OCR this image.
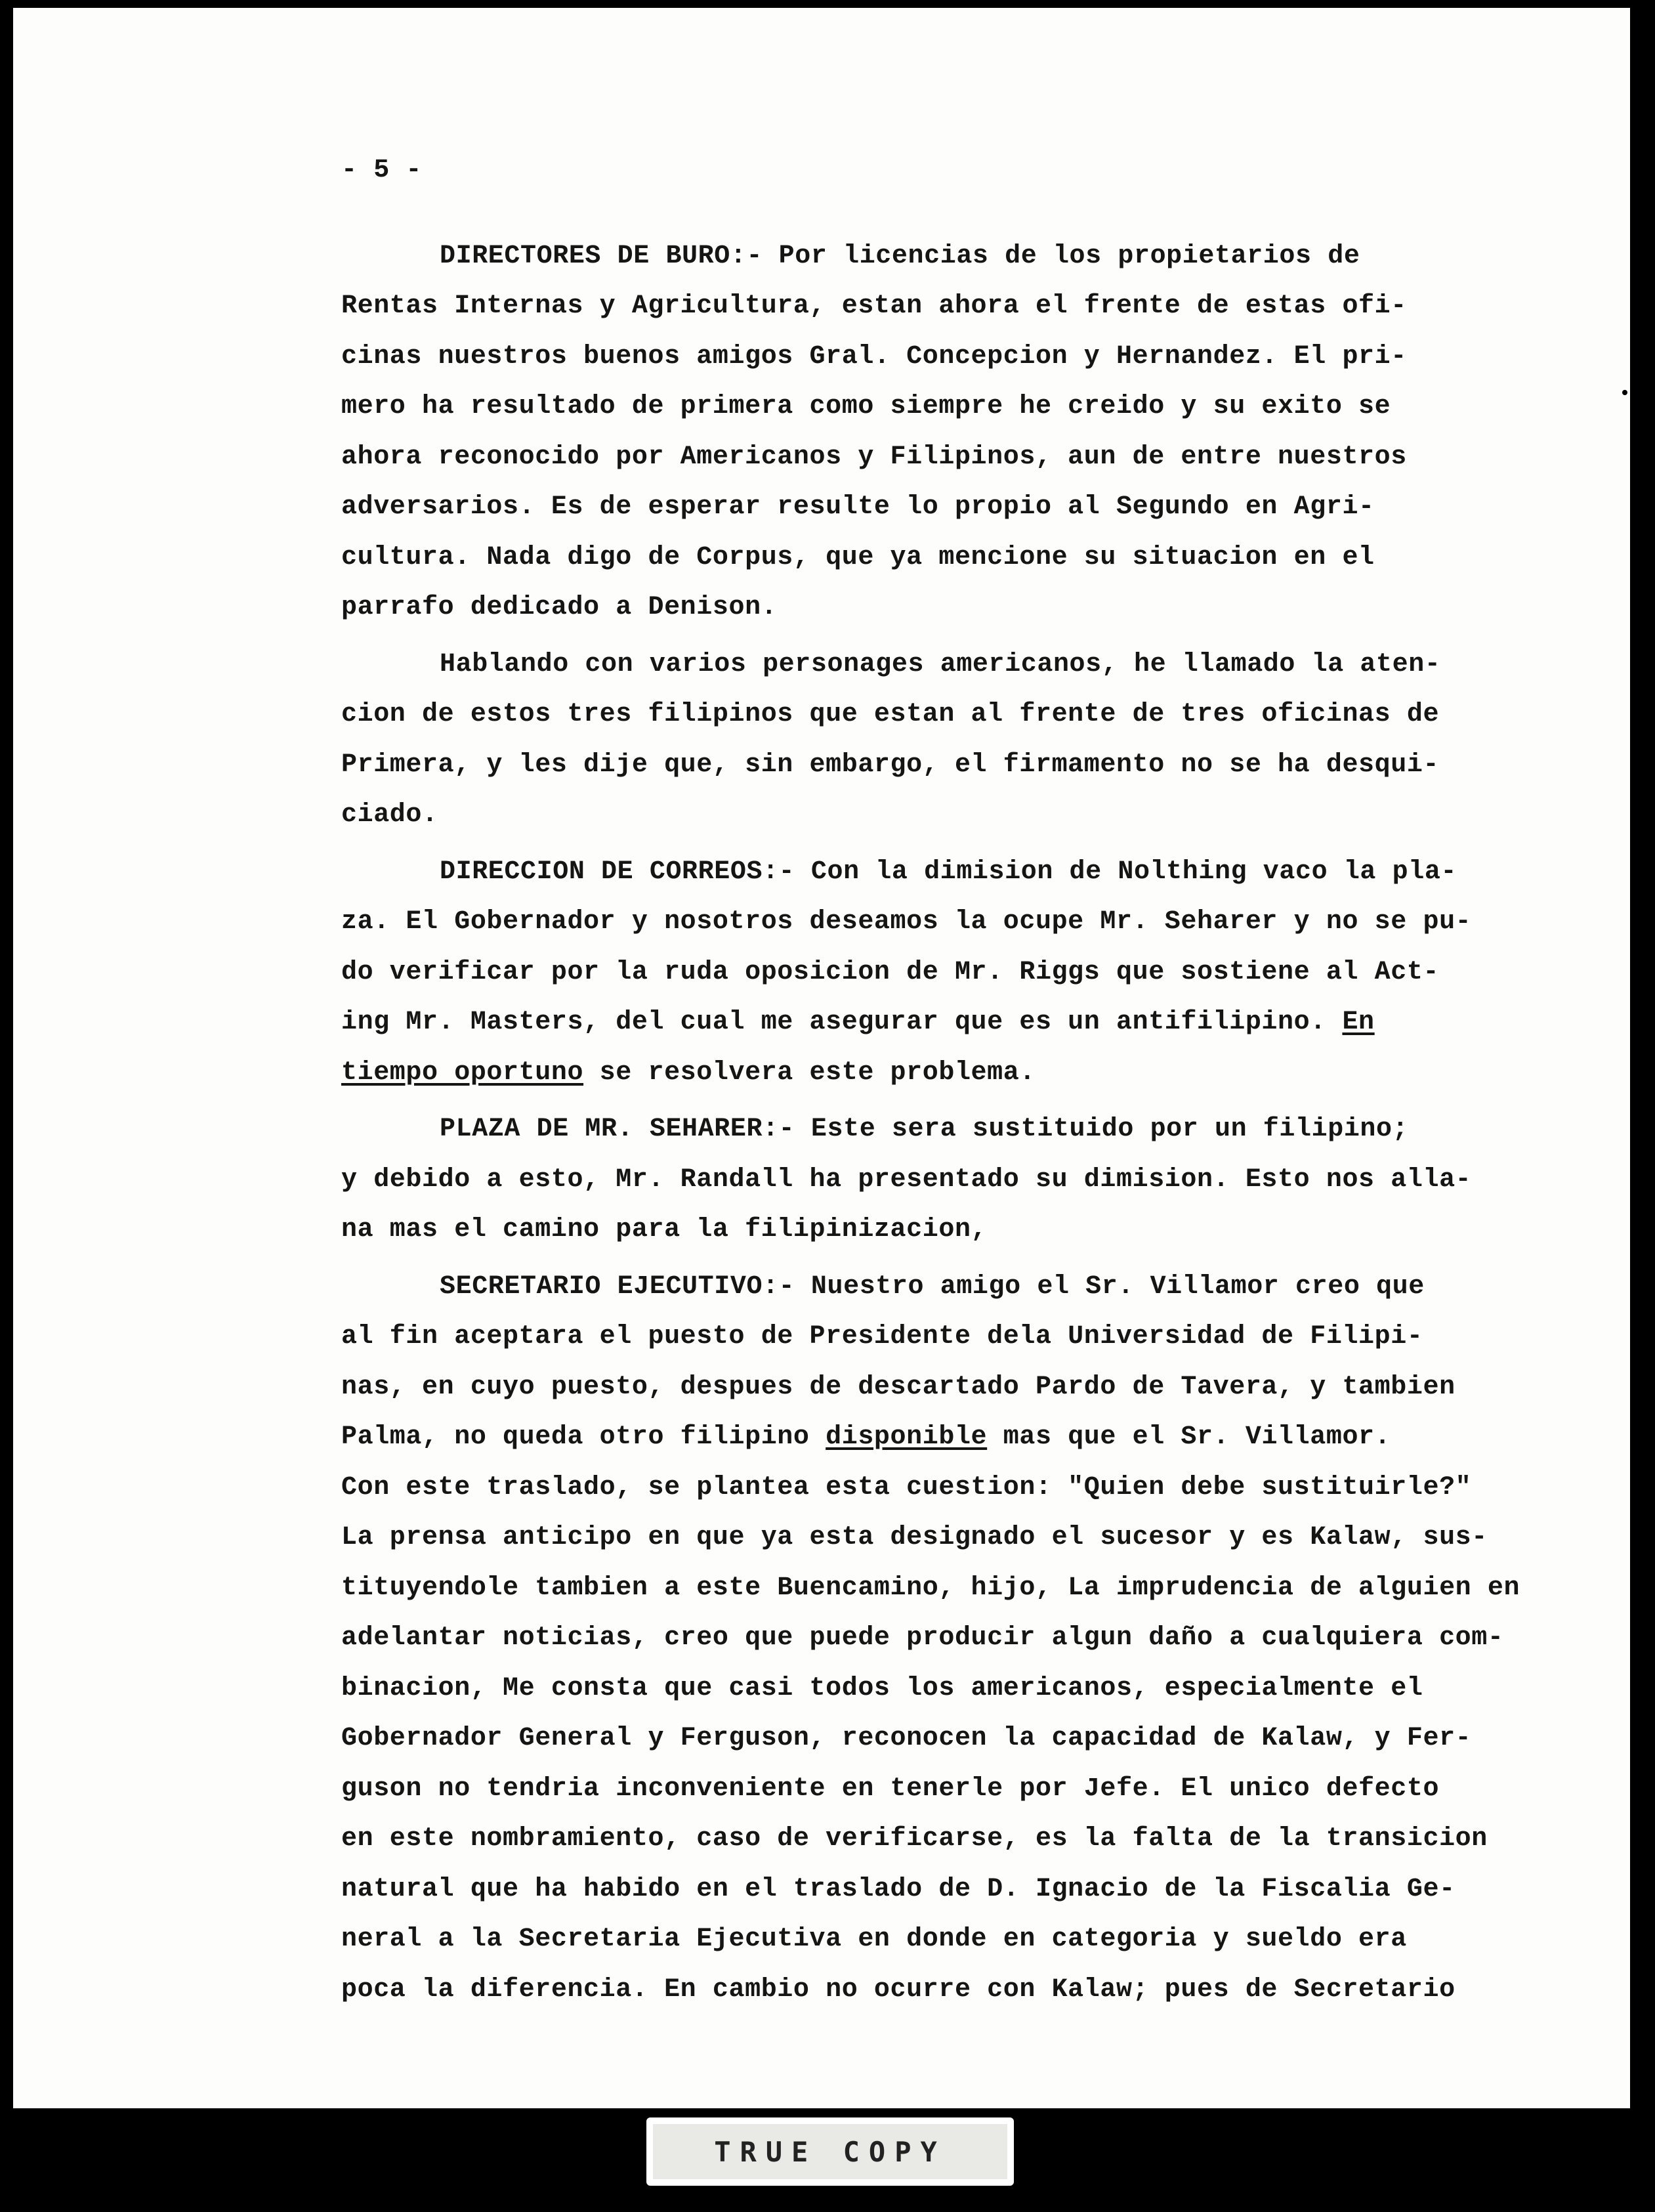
- 5 -
DIRECTORES DE BURO:- Por licencias de los propietarios de
Rentas Internas y Agricultura, estan ahora el frente de estas ofi-
cinas nuestros buenos amigos Gral. Concepcion y Hernandez. El pri-
mero ha resultado de primera como siempre he creido y su exito se
ahora reconocido por Americanos y Filipinos, aun de entre nuestros
adversarios. Es de esperar resulte lo propio al Segundo en Agri-
cultura. Nada digo de Corpus, que ya mencione su situacion en el
parrafo dedicado a Denison.
Hablando con varios personages americanos, he llamado la aten-
cion de estos tres filipinos que estan al frente de tres oficinas de
Primera, y les dije que, sin embargo, el firmamento no se ha desqui-
ciado.
DIRECCION DE CORREOS:- Con la dimision de Nolthing vaco la pla-
za. El Gobernador y nosotros deseamos la ocupe Mr. Seharer y no se pu-
do verificar por la ruda oposicion de Mr. Riggs que sostiene al Act-
ing Mr. Masters, del cual me asegurar que es un antifilipino. En
tiempo oportuno se resolvera este problema.
PLAZA DE MR. SEHARER:- Este sera sustituido por un filipino;
y debido a esto, Mr. Randall ha presentado su dimision. Esto nos alla-
na mas el camino para la filipinizacion,
SECRETARIO EJECUTIVO:- Nuestro amigo el Sr. Villamor creo que
al fin aceptara el puesto de Presidente dela Universidad de Filipi-
nas, en cuyo puesto, despues de descartado Pardo de Tavera, y tambien
Palma, no queda otro filipino disponible mas que el Sr. Villamor.
Con este traslado, se plantea esta cuestion: "Quien debe sustituirle?"
La prensa anticipo en que ya esta designado el sucesor y es Kalaw, sus-
tituyendole tambien a este Buencamino, hijo, La imprudencia de alguien en
adelantar noticias, creo que puede producir algun daño a cualquiera com-
binacion, Me consta que casi todos los americanos, especialmente el
Gobernador General y Ferguson, reconocen la capacidad de Kalaw, y Fer-
guson no tendria inconveniente en tenerle por Jefe. El unico defecto
en este nombramiento, caso de verificarse, es la falta de la transicion
natural que ha habido en el traslado de D. Ignacio de la Fiscalia Ge-
neral a la Secretaria Ejecutiva en donde en categoria y sueldo era
poca la diferencia. En cambio no ocurre con Kalaw; pues de Secretario
TRUE COPY
